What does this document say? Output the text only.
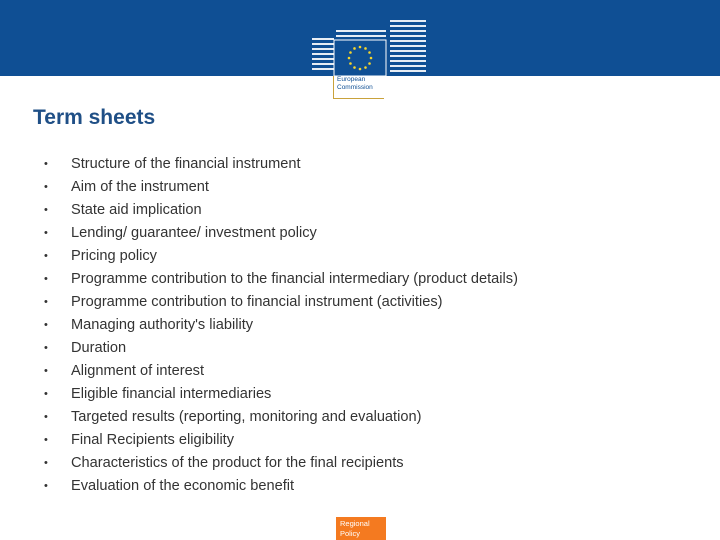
European
Commission
Term sheets
•	Structure of the financial instrument
•	Aim of the instrument
•	State aid implication
•	Lending/ guarantee/ investment policy
•	Pricing policy
•	Programme contribution to the financial intermediary (product details)
•	Programme contribution to financial instrument (activities)
•	Managing authority's liability
•	Duration
•	Alignment of interest
•	Eligible financial intermediaries
•	Targeted results (reporting, monitoring and evaluation)
•	Final Recipients eligibility
•	Characteristics of the product for the final recipients
•	Evaluation of the economic benefit
Regional
Policy
